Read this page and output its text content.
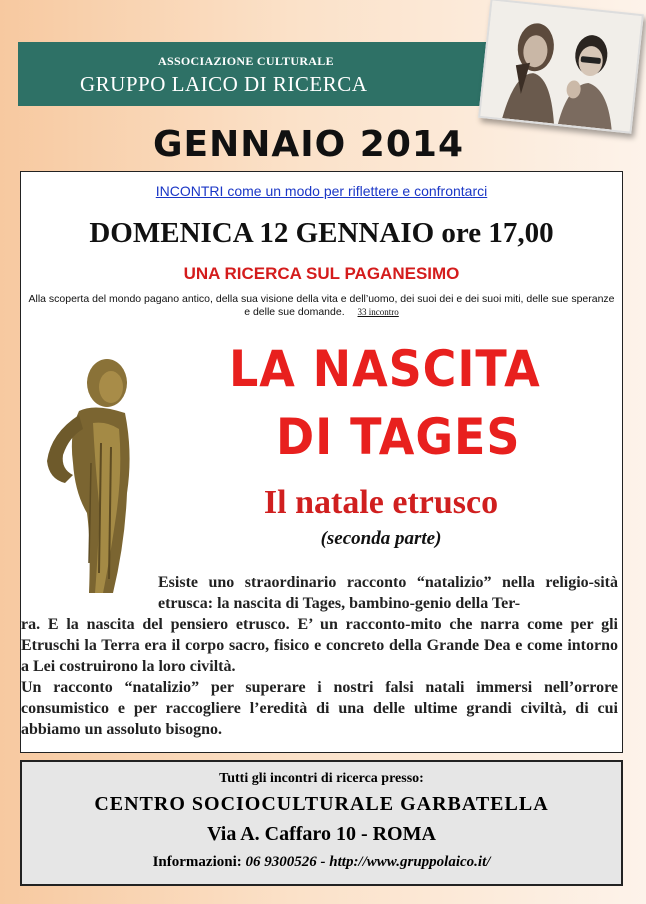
ASSOCIAZIONE CULTURALE
GRUPPO LAICO DI RICERCA
GENNAIO 2014
INCONTRI come un modo per riflettere e confrontarci
DOMENICA 12 GENNAIO ore 17,00
UNA RICERCA SUL PAGANESIMO
Alla scoperta del mondo pagano antico, della sua visione della vita e dell’uomo, dei suoi dei e dei suoi miti, delle sue speranze e delle sue domande. 33 incontro
LA NASCITA
DI TAGES
Il natale etrusco
(seconda parte)

Esiste uno straordinario racconto “natalizio” nella religio-sità etrusca: la nascita di Tages, bambino-genio della Ter-

ra. E la nascita del pensiero etrusco. E’ un racconto-mito che narra come per gli Etruschi la Terra era il corpo sacro, fisico e concreto della Grande Dea e come intorno a Lei costruirono la loro civiltà.

Un racconto “natalizio” per superare i nostri falsi natali immersi nell’orrore consumistico e per raccogliere l’eredità di una delle ultime grandi civiltà, di cui abbiamo un assoluto bisogno.

Tutti gli incontri di ricerca presso:
CENTRO SOCIOCULTURALE GARBATELLA
Via A. Caffaro 10 - ROMA
Informazioni: 06 9300526 - http://www.gruppolaico.it/
